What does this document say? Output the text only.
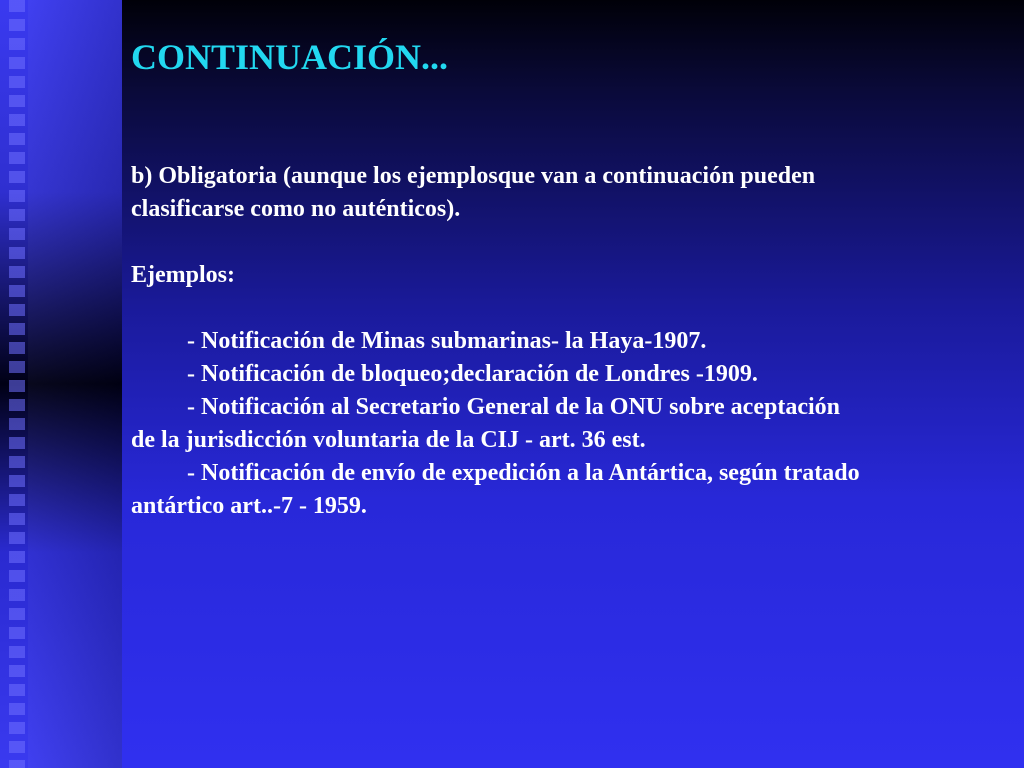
CONTINUACIÓN...

b) Obligatoria (aunque los ejemplosque van a continuación pueden

clasificarse como no auténticos).

Ejemplos:

- Notificación de Minas submarinas- la Haya-1907.

- Notificación de bloqueo;declaración de Londres -1909.

- Notificación al Secretario General de la ONU sobre aceptación

de la jurisdicción voluntaria de la CIJ - art. 36 est.

- Notificación de envío de expedición a la Antártica, según tratado

antártico art..-7 - 1959.
